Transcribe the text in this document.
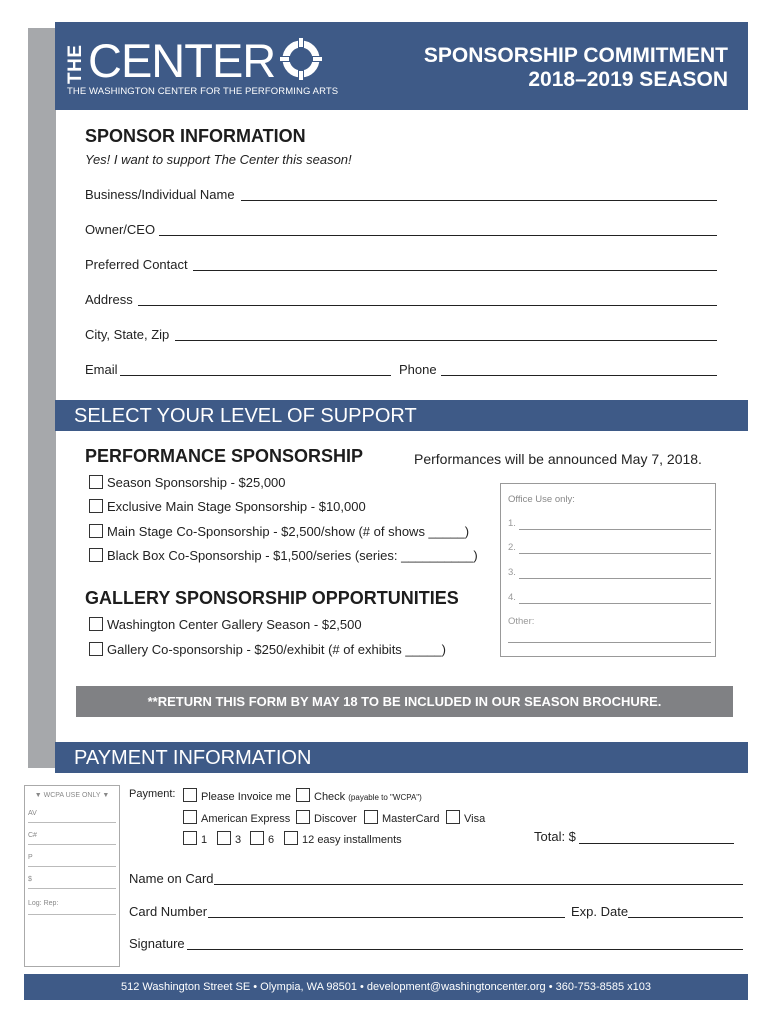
THE CENTER
THE WASHINGTON CENTER FOR THE PERFORMING ARTS
SPONSORSHIP COMMITMENT
2018–2019 SEASON
SPONSOR INFORMATION
Yes! I want to support The Center this season!
Business/Individual Name
Owner/CEO
Preferred Contact
Address
City, State, Zip
Email	Phone
SELECT YOUR LEVEL OF SUPPORT
PERFORMANCE SPONSORSHIP	Performances will be announced May 7, 2018.
Season Sponsorship - $25,000
Exclusive Main Stage Sponsorship - $10,000
Main Stage Co-Sponsorship - $2,500/show (# of shows _____)
Black Box Co-Sponsorship - $1,500/series (series: __________)
GALLERY SPONSORSHIP OPPORTUNITIES
Washington Center Gallery Season - $2,500
Gallery Co-sponsorship - $250/exhibit (# of exhibits _____)
Office Use only:
1.
2.
3.
4.
Other:
**RETURN THIS FORM BY MAY 18 TO BE INCLUDED IN OUR SEASON BROCHURE.
PAYMENT INFORMATION
▼ WCPA USE ONLY ▼
AV
C#
P
$
Log: Rep:
Payment:	Please Invoice me	Check (payable to "WCPA")
American Express	Discover	MasterCard	Visa
1	3	6	12 easy installments	Total: $
Name on Card
Card Number	Exp. Date
Signature
512 Washington Street SE • Olympia, WA 98501 • development@washingtoncenter.org • 360-753-8585 x103
